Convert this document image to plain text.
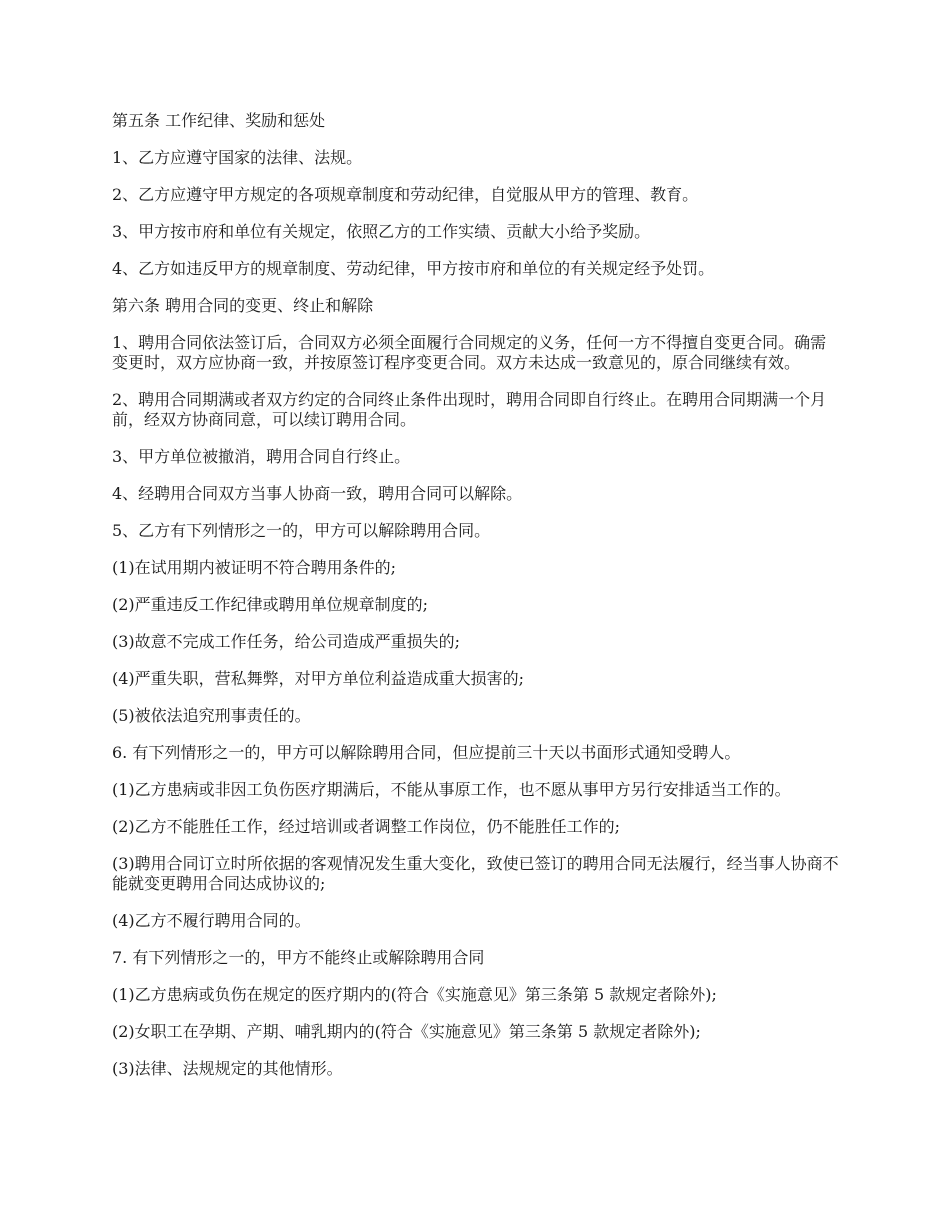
第五条 工作纪律、奖励和惩处

1、乙方应遵守国家的法律、法规。

2、乙方应遵守甲方规定的各项规章制度和劳动纪律，自觉服从甲方的管理、教育。

3、甲方按市府和单位有关规定，依照乙方的工作实绩、贡献大小给予奖励。

4、乙方如违反甲方的规章制度、劳动纪律，甲方按市府和单位的有关规定经予处罚。

第六条 聘用合同的变更、终止和解除

1、聘用合同依法签订后，合同双方必须全面履行合同规定的义务，任何一方不得擅自变更合同。确需变更时，双方应协商一致，并按原签订程序变更合同。双方未达成一致意见的，原合同继续有效。

2、聘用合同期满或者双方约定的合同终止条件出现时，聘用合同即自行终止。在聘用合同期满一个月前，经双方协商同意，可以续订聘用合同。

3、甲方单位被撤消，聘用合同自行终止。

4、经聘用合同双方当事人协商一致，聘用合同可以解除。

5、乙方有下列情形之一的，甲方可以解除聘用合同。

(1)在试用期内被证明不符合聘用条件的;

(2)严重违反工作纪律或聘用单位规章制度的;

(3)故意不完成工作任务，给公司造成严重损失的;

(4)严重失职，营私舞弊，对甲方单位利益造成重大损害的;

(5)被依法追究刑事责任的。

6. 有下列情形之一的，甲方可以解除聘用合同，但应提前三十天以书面形式通知受聘人。

(1)乙方患病或非因工负伤医疗期满后，不能从事原工作，也不愿从事甲方另行安排适当工作的。

(2)乙方不能胜任工作，经过培训或者调整工作岗位，仍不能胜任工作的;

(3)聘用合同订立时所依据的客观情况发生重大变化，致使已签订的聘用合同无法履行，经当事人协商不能就变更聘用合同达成协议的;

(4)乙方不履行聘用合同的。

7. 有下列情形之一的，甲方不能终止或解除聘用合同

(1)乙方患病或负伤在规定的医疗期内的(符合《实施意见》第三条第 5 款规定者除外);

(2)女职工在孕期、产期、哺乳期内的(符合《实施意见》第三条第 5 款规定者除外);

(3)法律、法规规定的其他情形。
